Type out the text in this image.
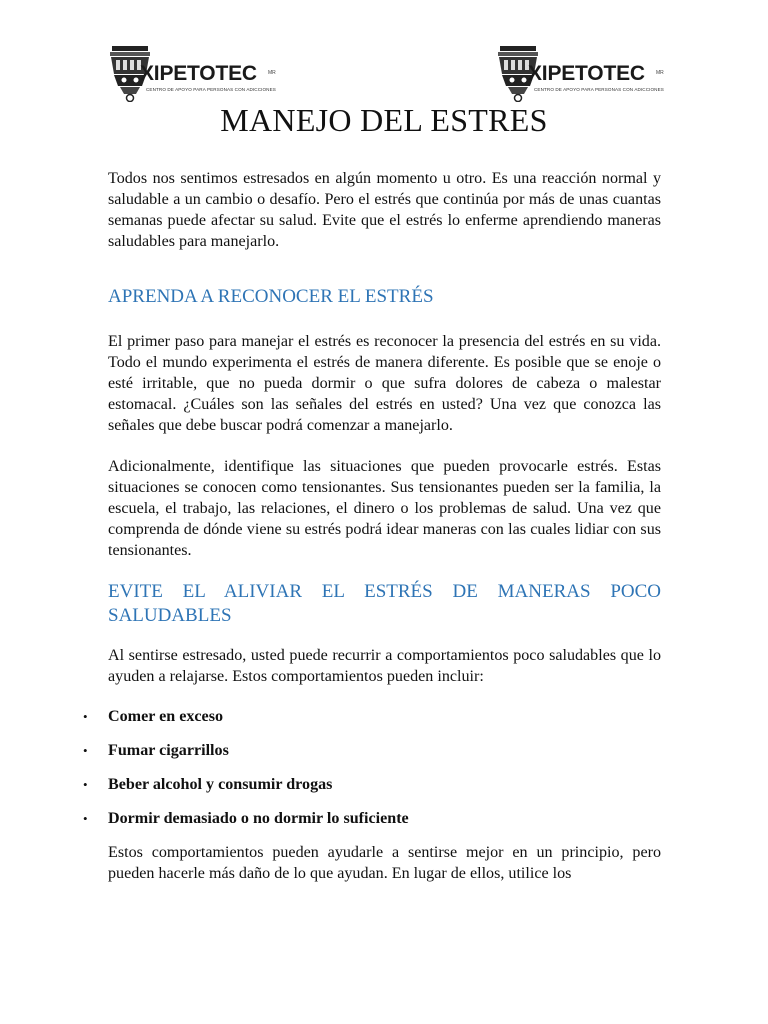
XIPETOTEC MR
CENTRO DE APOYO PARA PERSONAS CON ADICCIONES
XIPETOTEC MR
CENTRO DE APOYO PARA PERSONAS CON ADICCIONES
MANEJO DEL ESTRES

Todos nos sentimos estresados en algún momento u otro. Es una reacción normal y saludable a un cambio o desafío. Pero el estrés que continúa por más de unas cuantas semanas puede afectar su salud. Evite que el estrés lo enferme aprendiendo maneras saludables para manejarlo.

APRENDA A RECONOCER EL ESTRÉS

El primer paso para manejar el estrés es reconocer la presencia del estrés en su vida. Todo el mundo experimenta el estrés de manera diferente. Es posible que se enoje o esté irritable, que no pueda dormir o que sufra dolores de cabeza o malestar estomacal. ¿Cuáles son las señales del estrés en usted? Una vez que conozca las señales que debe buscar podrá comenzar a manejarlo.

Adicionalmente, identifique las situaciones que pueden provocarle estrés. Estas situaciones se conocen como tensionantes. Sus tensionantes pueden ser la familia, la escuela, el trabajo, las relaciones, el dinero o los problemas de salud. Una vez que comprenda de dónde viene su estrés podrá idear maneras con las cuales lidiar con sus tensionantes.

EVITE EL ALIVIAR EL ESTRÉS DE MANERAS POCO SALUDABLES

Al sentirse estresado, usted puede recurrir a comportamientos poco saludables que lo ayuden a relajarse. Estos comportamientos pueden incluir:

• Comer en exceso
• Fumar cigarrillos
• Beber alcohol y consumir drogas
• Dormir demasiado o no dormir lo suficiente

Estos comportamientos pueden ayudarle a sentirse mejor en un principio, pero pueden hacerle más daño de lo que ayudan. En lugar de ellos, utilice los
